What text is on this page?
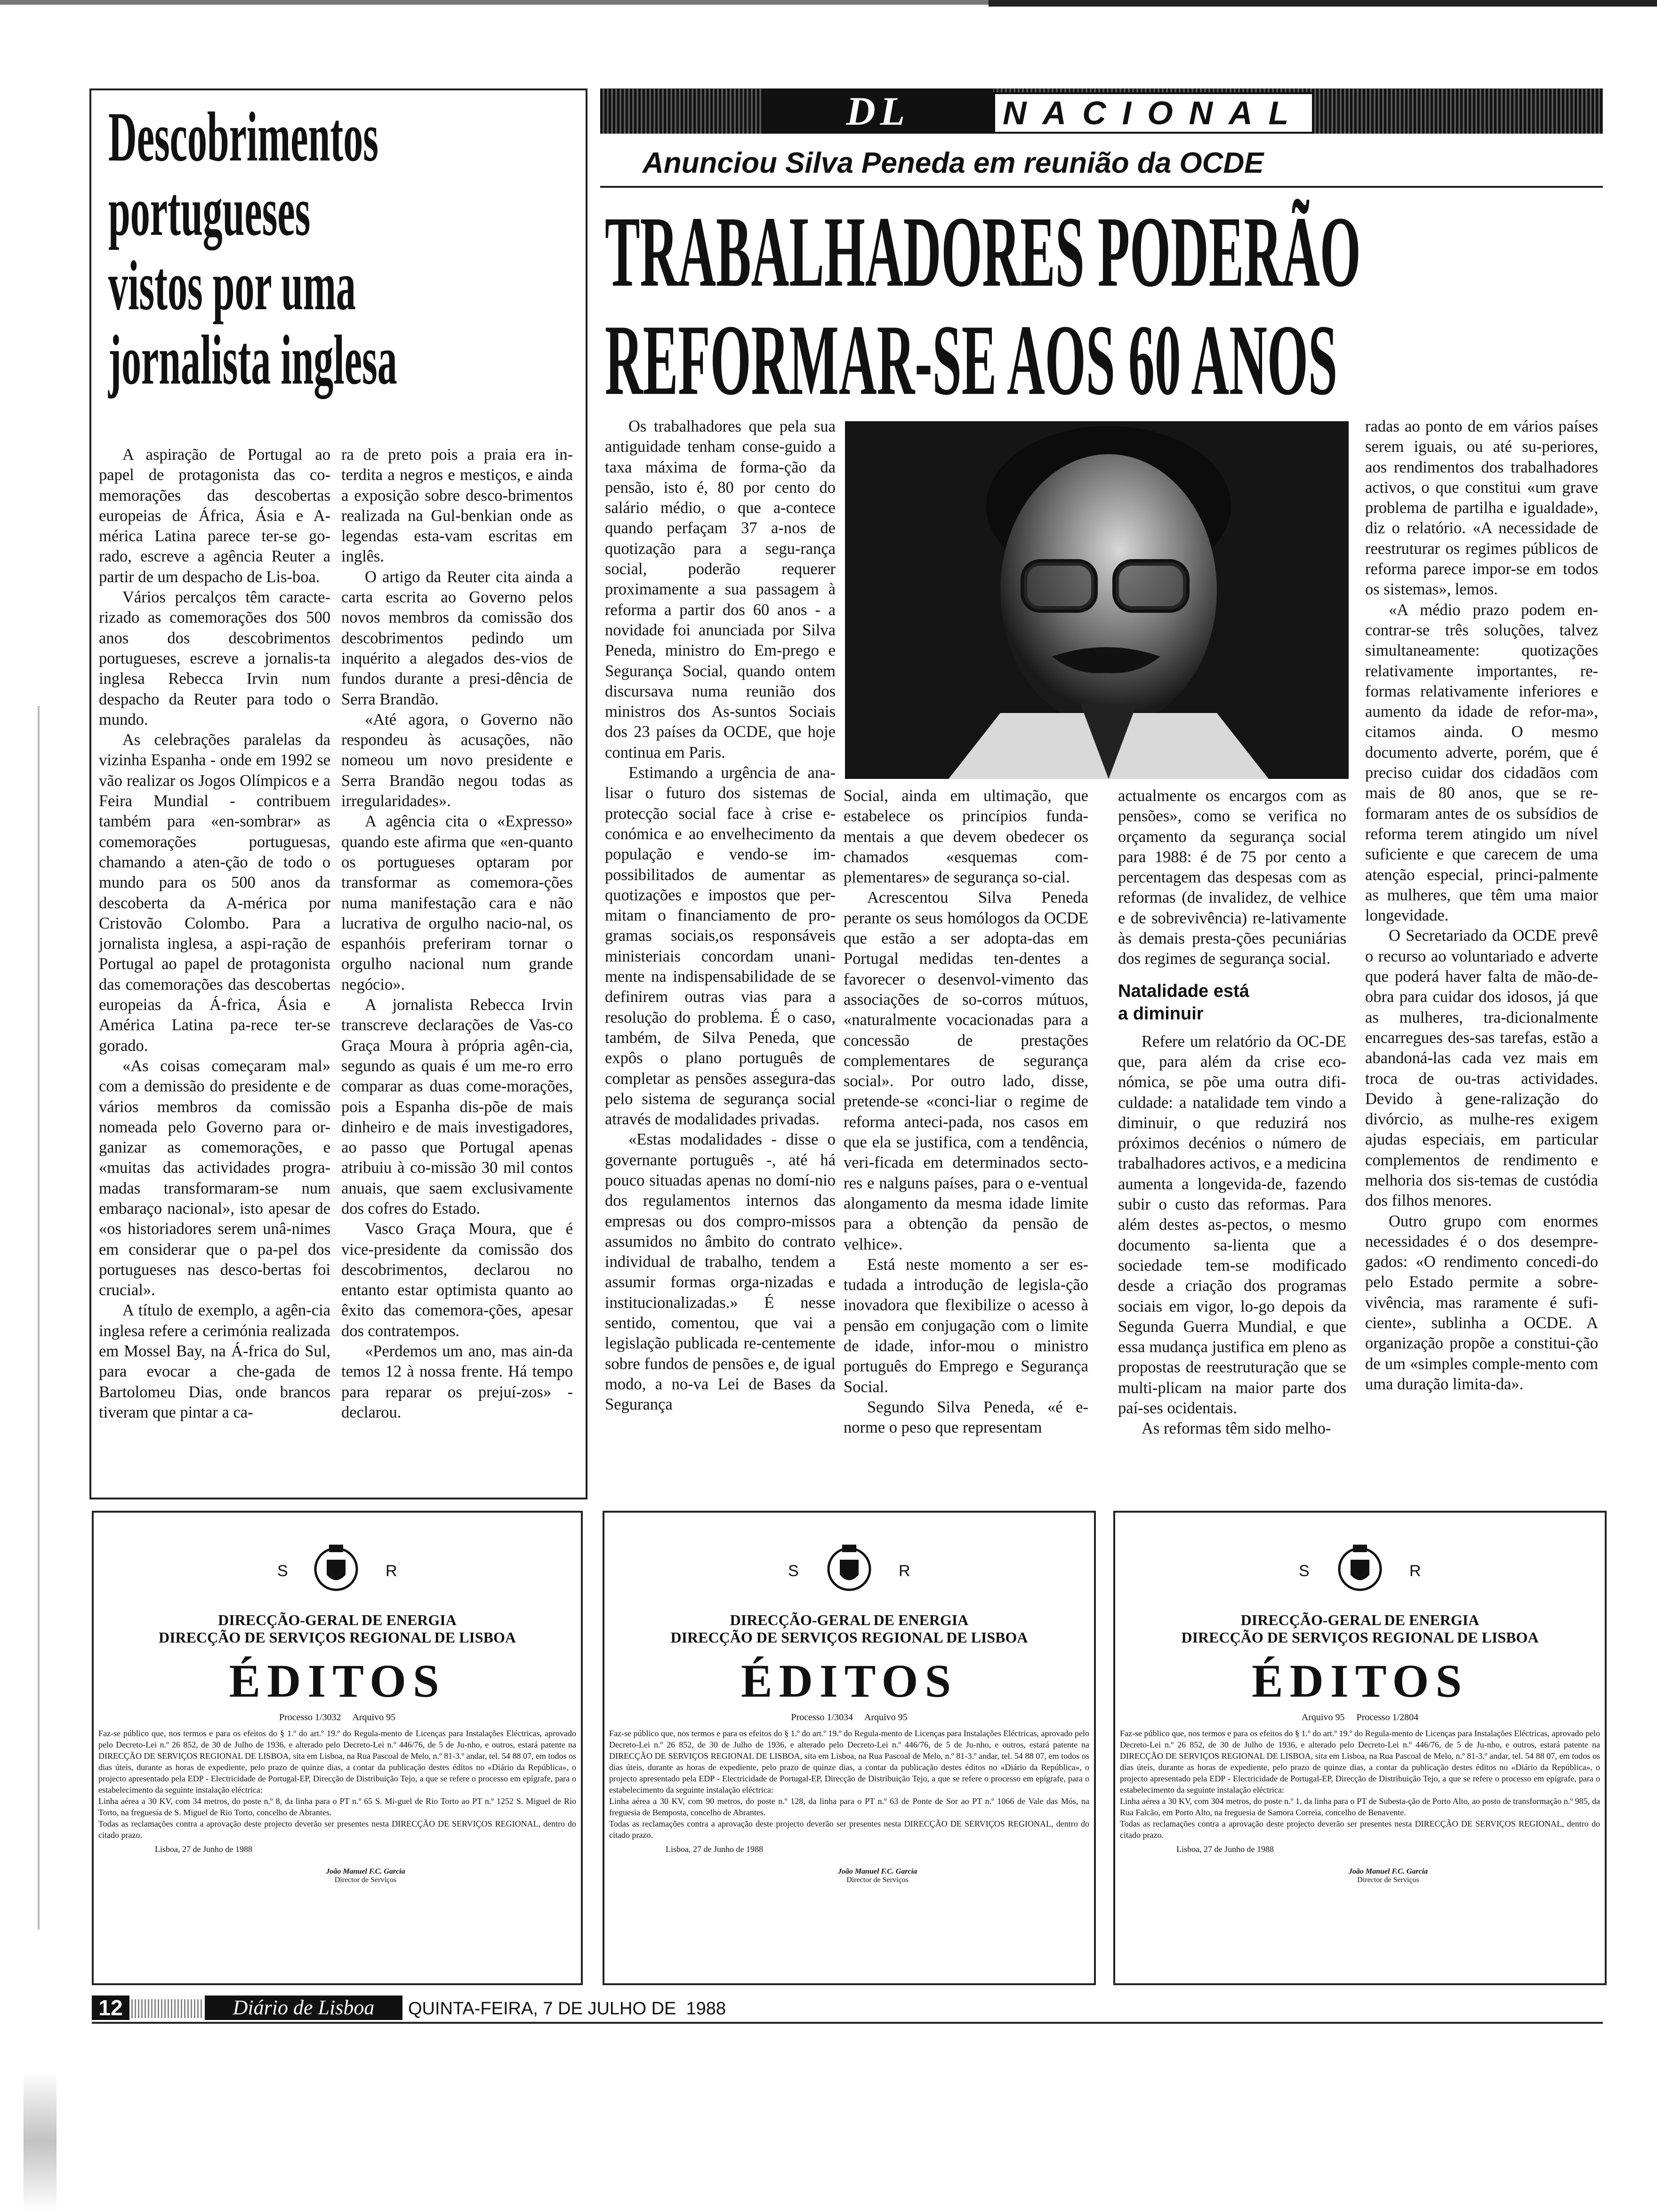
Descobrimentos
portugueses
vistos por uma
jornalista inglesa

A aspiração de Portugal ao papel de protagonista das co-memorações das descobertas europeias de África, Ásia e A-mérica Latina parece ter-se go-rado, escreve a agência Reuter a partir de um despacho de Lis-boa.

Vários percalços têm caracte-rizado as comemorações dos 500 anos dos descobrimentos portugueses, escreve a jornalis-ta inglesa Rebecca Irvin num despacho da Reuter para todo o mundo.

As celebrações paralelas da vizinha Espanha - onde em 1992 se vão realizar os Jogos Olímpicos e a Feira Mundial - contribuem também para «en-sombrar» as comemorações portuguesas, chamando a aten-ção de todo o mundo para os 500 anos da descoberta da A-mérica por Cristovão Colombo. Para a jornalista inglesa, a aspi-ração de Portugal ao papel de protagonista das comemorações das descobertas europeias da Á-frica, Ásia e América Latina pa-rece ter-se gorado.

«As coisas começaram mal» com a demissão do presidente e de vários membros da comissão nomeada pelo Governo para or-ganizar as comemorações, e «muitas das actividades progra-madas transformaram-se num embaraço nacional», isto apesar de «os historiadores serem unâ-nimes em considerar que o pa-pel dos portugueses nas desco-bertas foi crucial».

A título de exemplo, a agên-cia inglesa refere a cerimónia realizada em Mossel Bay, na Á-frica do Sul, para evocar a che-gada de Bartolomeu Dias, onde brancos tiveram que pintar a ca-

ra de preto pois a praia era in-terdita a negros e mestiços, e ainda a exposição sobre desco-brimentos realizada na Gul-benkian onde as legendas esta-vam escritas em inglês.

O artigo da Reuter cita ainda a carta escrita ao Governo pelos novos membros da comissão dos descobrimentos pedindo um inquérito a alegados des-vios de fundos durante a presi-dência de Serra Brandão.

«Até agora, o Governo não respondeu às acusações, não nomeou um novo presidente e Serra Brandão negou todas as irregularidades».

A agência cita o «Expresso» quando este afirma que «en-quanto os portugueses optaram por transformar as comemora-ções numa manifestação cara e não lucrativa de orgulho nacio-nal, os espanhóis preferiram tornar o orgulho nacional num grande negócio».

A jornalista Rebecca Irvin transcreve declarações de Vas-co Graça Moura à própria agên-cia, segundo as quais é um me-ro erro comparar as duas come-morações, pois a Espanha dis-põe de mais dinheiro e de mais investigadores, ao passo que Portugal apenas atribuiu à co-missão 30 mil contos anuais, que saem exclusivamente dos cofres do Estado.

Vasco Graça Moura, que é vice-presidente da comissão dos descobrimentos, declarou no entanto estar optimista quanto ao êxito das comemora-ções, apesar dos contratempos.

«Perdemos um ano, mas ain-da temos 12 à nossa frente. Há tempo para reparar os prejuí-zos» - declarou.

DL	NACIONAL
Anunciou Silva Peneda em reunião da OCDE
TRABALHADORES PODERÃO
REFORMAR-SE AOS 60 ANOS

Os trabalhadores que pela sua antiguidade tenham conse-guido a taxa máxima de forma-ção da pensão, isto é, 80 por cento do salário médio, o que a-contece quando perfaçam 37 a-nos de quotização para a segu-rança social, poderão requerer proximamente a sua passagem à reforma a partir dos 60 anos - a novidade foi anunciada por Silva Peneda, ministro do Em-prego e Segurança Social, quando ontem discursava numa reunião dos ministros dos As-suntos Sociais dos 23 países da OCDE, que hoje continua em Paris.

Estimando a urgência de ana-lisar o futuro dos sistemas de protecção social face à crise e-conómica e ao envelhecimento da população e vendo-se im-possibilitados de aumentar as quotizações e impostos que per-mitam o financiamento de pro-gramas sociais,os responsáveis ministeriais concordam unani-mente na indispensabilidade de se definirem outras vias para a resolução do problema. É o caso, também, de Silva Peneda, que expôs o plano português de completar as pensões assegura-das pelo sistema de segurança social através de modalidades privadas.

«Estas modalidades - disse o governante português -, até há pouco situadas apenas no domí-nio dos regulamentos internos das empresas ou dos compro-missos assumidos no âmbito do contrato individual de trabalho, tendem a assumir formas orga-nizadas e institucionalizadas.» É nesse sentido, comentou, que vai a legislação publicada re-centemente sobre fundos de pensões e, de igual modo, a no-va Lei de Bases da Segurança

Social, ainda em ultimação, que estabelece os princípios funda-mentais a que devem obedecer os chamados «esquemas com-plementares» de segurança so-cial.

Acrescentou Silva Peneda perante os seus homólogos da OCDE que estão a ser adopta-das em Portugal medidas ten-dentes a favorecer o desenvol-vimento das associações de so-corros mútuos, «naturalmente vocacionadas para a concessão de prestações complementares de segurança social». Por outro lado, disse, pretende-se «conci-liar o regime de reforma anteci-pada, nos casos em que ela se justifica, com a tendência, veri-ficada em determinados secto-res e nalguns países, para o e-ventual alongamento da mesma idade limite para a obtenção da pensão de velhice».

Está neste momento a ser es-tudada a introdução de legisla-ção inovadora que flexibilize o acesso à pensão em conjugação com o limite de idade, infor-mou o ministro português do Emprego e Segurança Social.

Segundo Silva Peneda, «é e-norme o peso que representam

actualmente os encargos com as pensões», como se verifica no orçamento da segurança social para 1988: é de 75 por cento a percentagem das despesas com as reformas (de invalidez, de velhice e de sobrevivência) re-lativamente às demais presta-ções pecuniárias dos regimes de segurança social.

Natalidade está
a diminuir

Refere um relatório da OC-DE que, para além da crise eco-nómica, se põe uma outra difi-culdade: a natalidade tem vindo a diminuir, o que reduzirá nos próximos decénios o número de trabalhadores activos, e a medicina aumenta a longevida-de, fazendo subir o custo das reformas. Para além destes as-pectos, o mesmo documento sa-lienta que a sociedade tem-se modificado desde a criação dos programas sociais em vigor, lo-go depois da Segunda Guerra Mundial, e que essa mudança justifica em pleno as propostas de reestruturação que se multi-plicam na maior parte dos paí-ses ocidentais.

As reformas têm sido melho-

radas ao ponto de em vários países serem iguais, ou até su-periores, aos rendimentos dos trabalhadores activos, o que constitui «um grave problema de partilha e igualdade», diz o relatório. «A necessidade de reestruturar os regimes públicos de reforma parece impor-se em todos os sistemas», lemos.

«A médio prazo podem en-contrar-se três soluções, talvez simultaneamente: quotizações relativamente importantes, re-formas relativamente inferiores e aumento da idade de refor-ma», citamos ainda. O mesmo documento adverte, porém, que é preciso cuidar dos cidadãos com mais de 80 anos, que se re-formaram antes de os subsídios de reforma terem atingido um nível suficiente e que carecem de uma atenção especial, princi-palmente as mulheres, que têm uma maior longevidade.

O Secretariado da OCDE prevê o recurso ao voluntariado e adverte que poderá haver falta de mão-de-obra para cuidar dos idosos, já que as mulheres, tra-dicionalmente encarregues des-sas tarefas, estão a abandoná-las cada vez mais em troca de ou-tras actividades. Devido à gene-ralização do divórcio, as mulhe-res exigem ajudas especiais, em particular complementos de rendimento e melhoria dos sis-temas de custódia dos filhos menores.

Outro grupo com enormes necessidades é o dos desempre-gados: «O rendimento concedi-do pelo Estado permite a sobre-vivência, mas raramente é sufi-ciente», sublinha a OCDE. A organização propõe a constitui-ção de um «simples comple-mento com uma duração limita-da».

S	R
DIRECÇÃO-GERAL DE ENERGIA
DIRECÇÃO DE SERVIÇOS REGIONAL DE LISBOA
ÉDITOS
Processo 1/3032     Arquivo 95
Faz-se público que, nos termos e para os efeitos do § 1.º do art.º 19.º do Regula-mento de Licenças para Instalações Eléctricas, aprovado pelo Decreto-Lei n.º 26 852, de 30 de Julho de 1936, e alterado pelo Decreto-Lei n.º 446/76, de 5 de Ju-nho, e outros, estará patente na DIRECÇÃO DE SERVIÇOS REGIONAL DE LISBOA, sita em Lisboa, na Rua Pascoal de Melo, n.º 81-3.º andar, tel. 54 88 07, em todos os dias úteis, durante as horas de expediente, pelo prazo de quinze dias, a contar da publicação destes éditos no «Diário da República», o projecto apresentado pela EDP - Electricidade de Portugal-EP, Direcção de Distribuição Tejo, a que se refere o processo em epígrafe, para o estabelecimento da seguinte instalação eléctrica:
Linha aérea a 30 KV, com 34 metros, do poste n.º 8, da linha para o PT n.º 65 S. Mi-guel de Rio Torto ao PT n.º 1252 S. Miguel de Rio Torto, na freguesia de S. Miguel de Rio Torto, concelho de Abrantes.
Todas as reclamações contra a aprovação deste projecto deverão ser presentes nesta DIRECÇÃO DE SERVIÇOS REGIONAL, dentro do citado prazo.
Lisboa, 27 de Junho de 1988
João Manuel F.C. Garcia
Director de Serviços
S	R
DIRECÇÃO-GERAL DE ENERGIA
DIRECÇÃO DE SERVIÇOS REGIONAL DE LISBOA
ÉDITOS
Processo 1/3034     Arquivo 95
Faz-se público que, nos termos e para os efeitos do § 1.º do art.º 19.º do Regula-mento de Licenças para Instalações Eléctricas, aprovado pelo Decreto-Lei n.º 26 852, de 30 de Julho de 1936, e alterado pelo Decreto-Lei n.º 446/76, de 5 de Ju-nho, e outros, estará patente na DIRECÇÃO DE SERVIÇOS REGIONAL DE LISBOA, sita em Lisboa, na Rua Pascoal de Melo, n.º 81-3.º andar, tel. 54 88 07, em todos os dias úteis, durante as horas de expediente, pelo prazo de quinze dias, a contar da publicação destes éditos no «Diário da República», o projecto apresentado pela EDP - Electricidade de Portugal-EP, Direcção de Distribuição Tejo, a que se refere o processo em epígrafe, para o estabelecimento da seguinte instalação eléctrica:
Linha aérea a 30 KV, com 90 metros, do poste n.º 128, da linha para o PT n.º 63 de Ponte de Sor ao PT n.º 1066 de Vale das Mós, na freguesia de Bemposta, concelho de Abrantes.
Todas as reclamações contra a aprovação deste projecto deverão ser presentes nesta DIRECÇÃO DE SERVIÇOS REGIONAL, dentro do citado prazo.
Lisboa, 27 de Junho de 1988
João Manuel F.C. Garcia
Director de Serviços
S	R
DIRECÇÃO-GERAL DE ENERGIA
DIRECÇÃO DE SERVIÇOS REGIONAL DE LISBOA
ÉDITOS
Arquivo 95     Processo 1/2804
Faz-se público que, nos termos e para os efeitos do § 1.º do art.º 19.º do Regula-mento de Licenças para Instalações Eléctricas, aprovado pelo Decreto-Lei n.º 26 852, de 30 de Julho de 1936, e alterado pelo Decreto-Lei n.º 446/76, de 5 de Ju-nho, e outros, estará patente na DIRECÇÃO DE SERVIÇOS REGIONAL DE LISBOA, sita em Lisboa, na Rua Pascoal de Melo, n.º 81-3.º andar, tel. 54 88 07, em todos os dias úteis, durante as horas de expediente, pelo prazo de quinze dias, a contar da publicação destes éditos no «Diário da República», o projecto apresentado pela EDP - Electricidade de Portugal-EP, Direcção de Distribuição Tejo, a que se refere o processo em epígrafe, para o estabelecimento da seguinte instalação eléctrica:
Linha aérea a 30 KV, com 304 metros, do poste n.º 1, da linha para o PT de Subesta-ção de Porto Alto, ao posto de transformação n.º 985, da Rua Falcão, em Porto Alto, na freguesia de Samora Correia, concelho de Benavente.
Todas as reclamações contra a aprovação deste projecto deverão ser presentes nesta DIRECÇÃO DE SERVIÇOS REGIONAL, dentro do citado prazo.
Lisboa, 27 de Junho de 1988
João Manuel F.C. Garcia
Director de Serviços
12	Diário de Lisboa	QUINTA-FEIRA, 7 DE JULHO DE  1988
